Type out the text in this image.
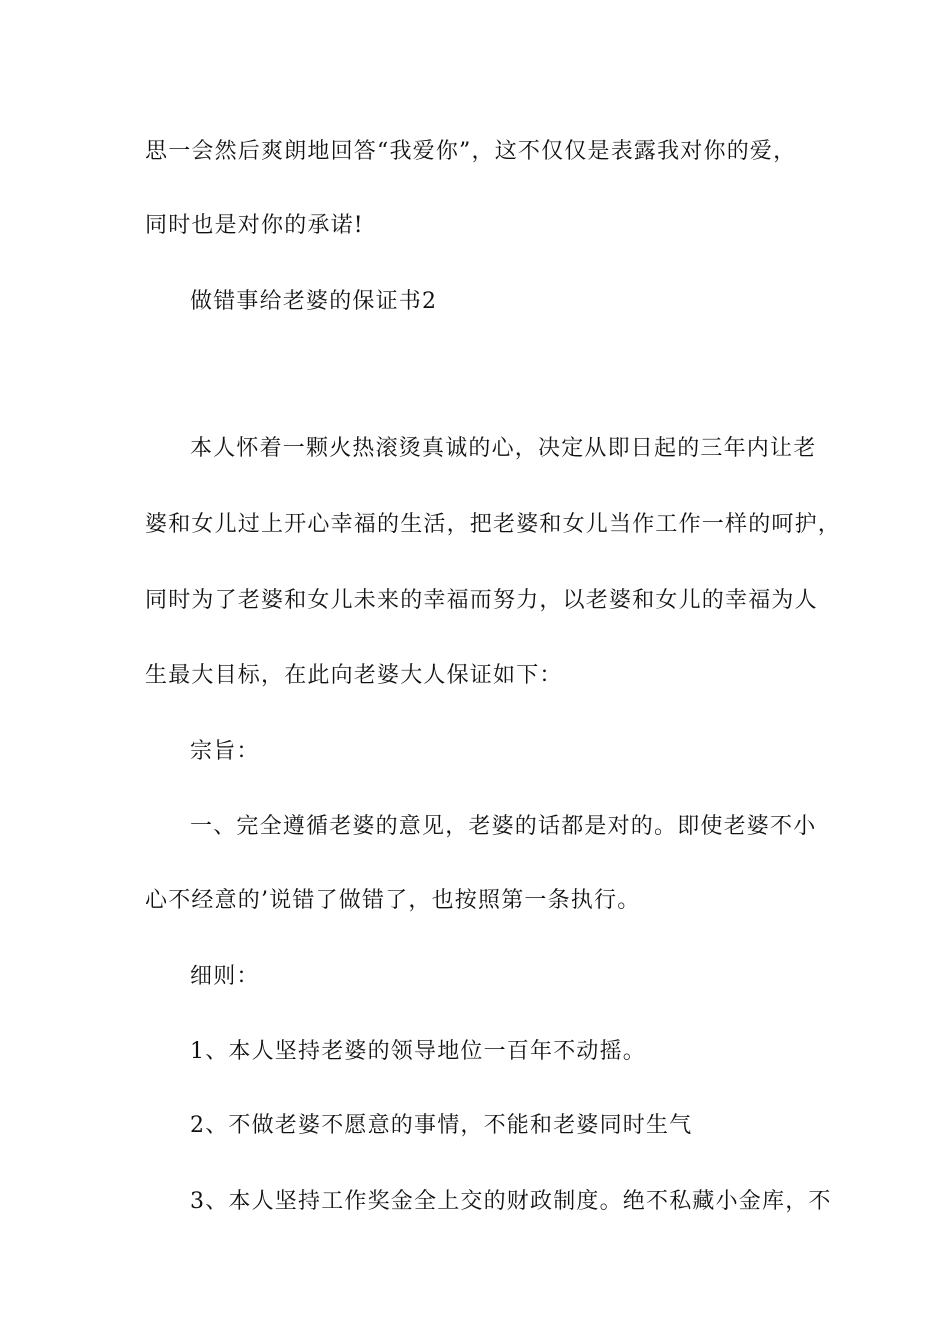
思一会然后爽朗地回答“我爱你”，这不仅仅是表露我对你的爱，
同时也是对你的承诺!
做错事给老婆的保证书2
本人怀着一颗火热滚烫真诚的心，决定从即日起的三年内让老
婆和女儿过上开心幸福的生活，把老婆和女儿当作工作一样的呵护，
同时为了老婆和女儿未来的幸福而努力，以老婆和女儿的幸福为人
生最大目标，在此向老婆大人保证如下：
宗旨：
一、完全遵循老婆的意见，老婆的话都是对的。即使老婆不小
心不经意的’说错了做错了，也按照第一条执行。
细则：
1、本人坚持老婆的领导地位一百年不动摇。
2、不做老婆不愿意的事情，不能和老婆同时生气
3、本人坚持工作奖金全上交的财政制度。绝不私藏小金库，不
